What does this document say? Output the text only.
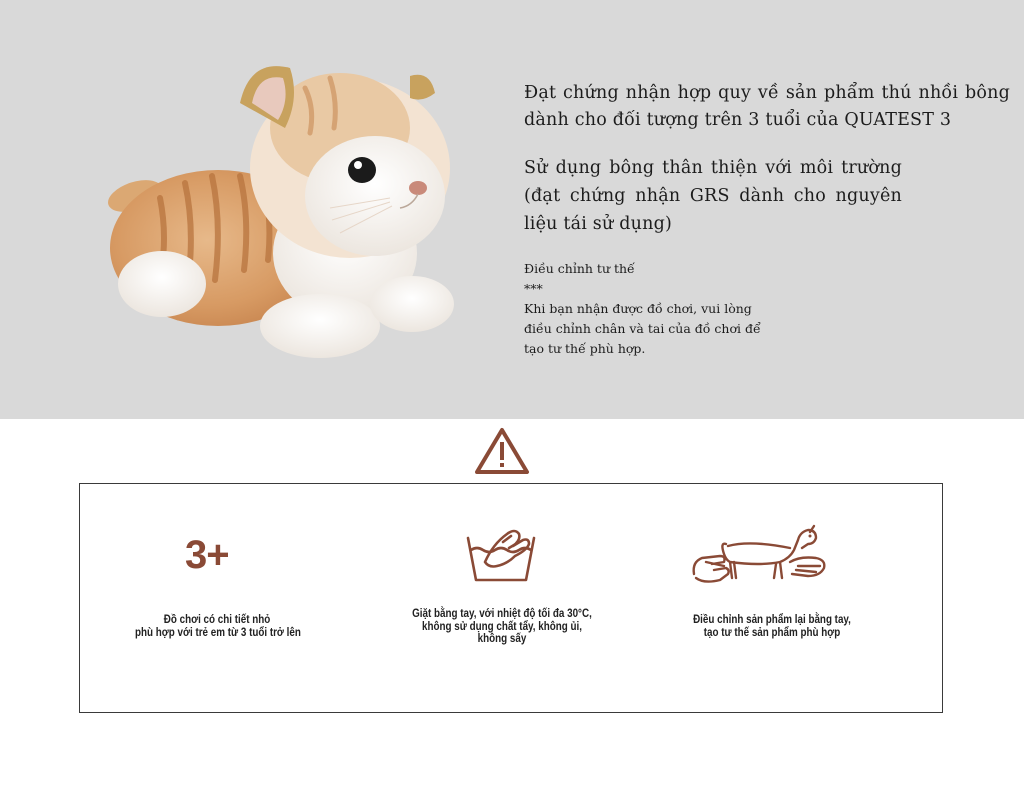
Đạt chứng nhận hợp quy về sản phẩm thú nhồi bông dành cho đối tượng trên 3 tuổi của QUATEST 3

Sử dụng bông thân thiện với môi trường (đạt chứng nhận GRS dành cho nguyên liệu tái sử dụng)

Điều chỉnh tư thế
***
Khi bạn nhận được đồ chơi, vui lòng
điều chỉnh chân và tai của đồ chơi để
tạo tư thế phù hợp.
3+
Đồ chơi có chi tiết nhỏ
phù hợp với trẻ em từ 3 tuổi trở lên
Giặt bằng tay, với nhiệt độ tối đa 30°C,
không sử dụng chất tẩy, không ủi,
không sấy
Điều chỉnh sản phẩm lại bằng tay,
tạo tư thế sản phẩm phù hợp
